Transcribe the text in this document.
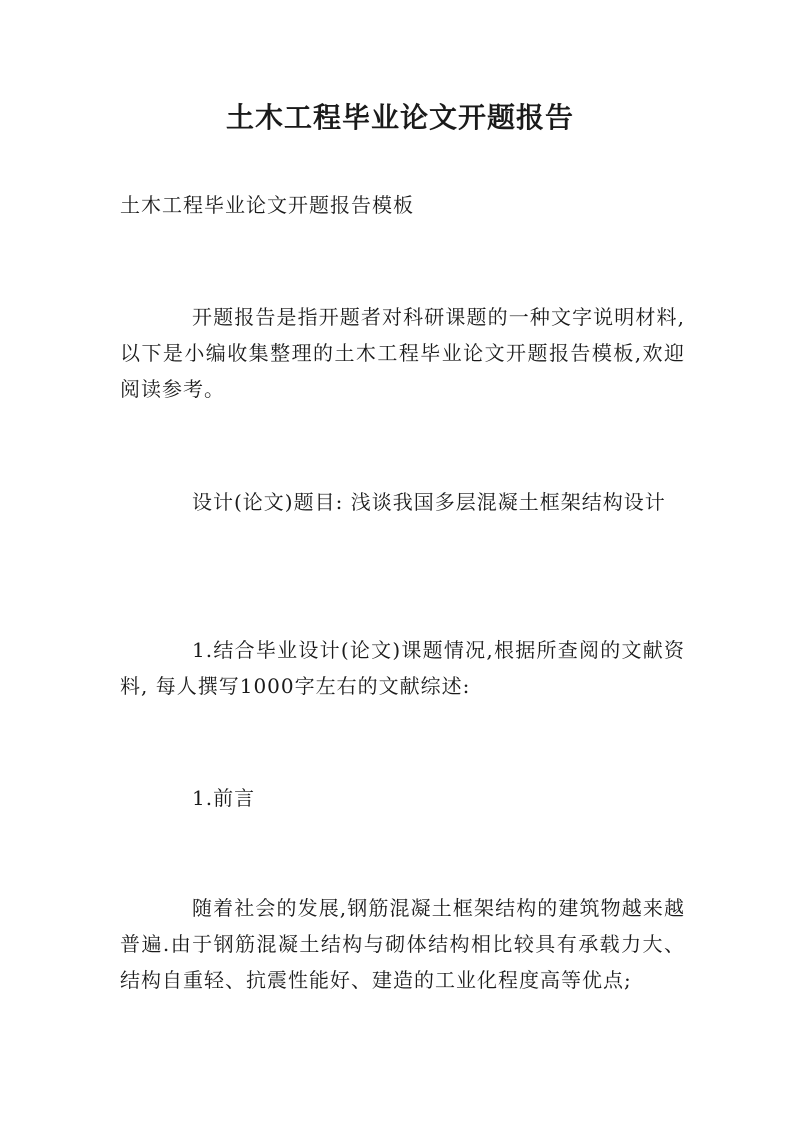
土木工程毕业论文开题报告

土木工程毕业论文开题报告模板

开题报告是指开题者对科研课题的一种文字说明材料,以下是小编收集整理的土木工程毕业论文开题报告模板,欢迎阅读参考。

设计(论文)题目: 浅谈我国多层混凝土框架结构设计

1.结合毕业设计(论文)课题情况,根据所查阅的文献资料, 每人撰写1000字左右的文献综述:

1.前言

随着社会的发展,钢筋混凝土框架结构的建筑物越来越普遍.由于钢筋混凝土结构与砌体结构相比较具有承载力大、结构自重轻、抗震性能好、建造的工业化程度高等优点;
